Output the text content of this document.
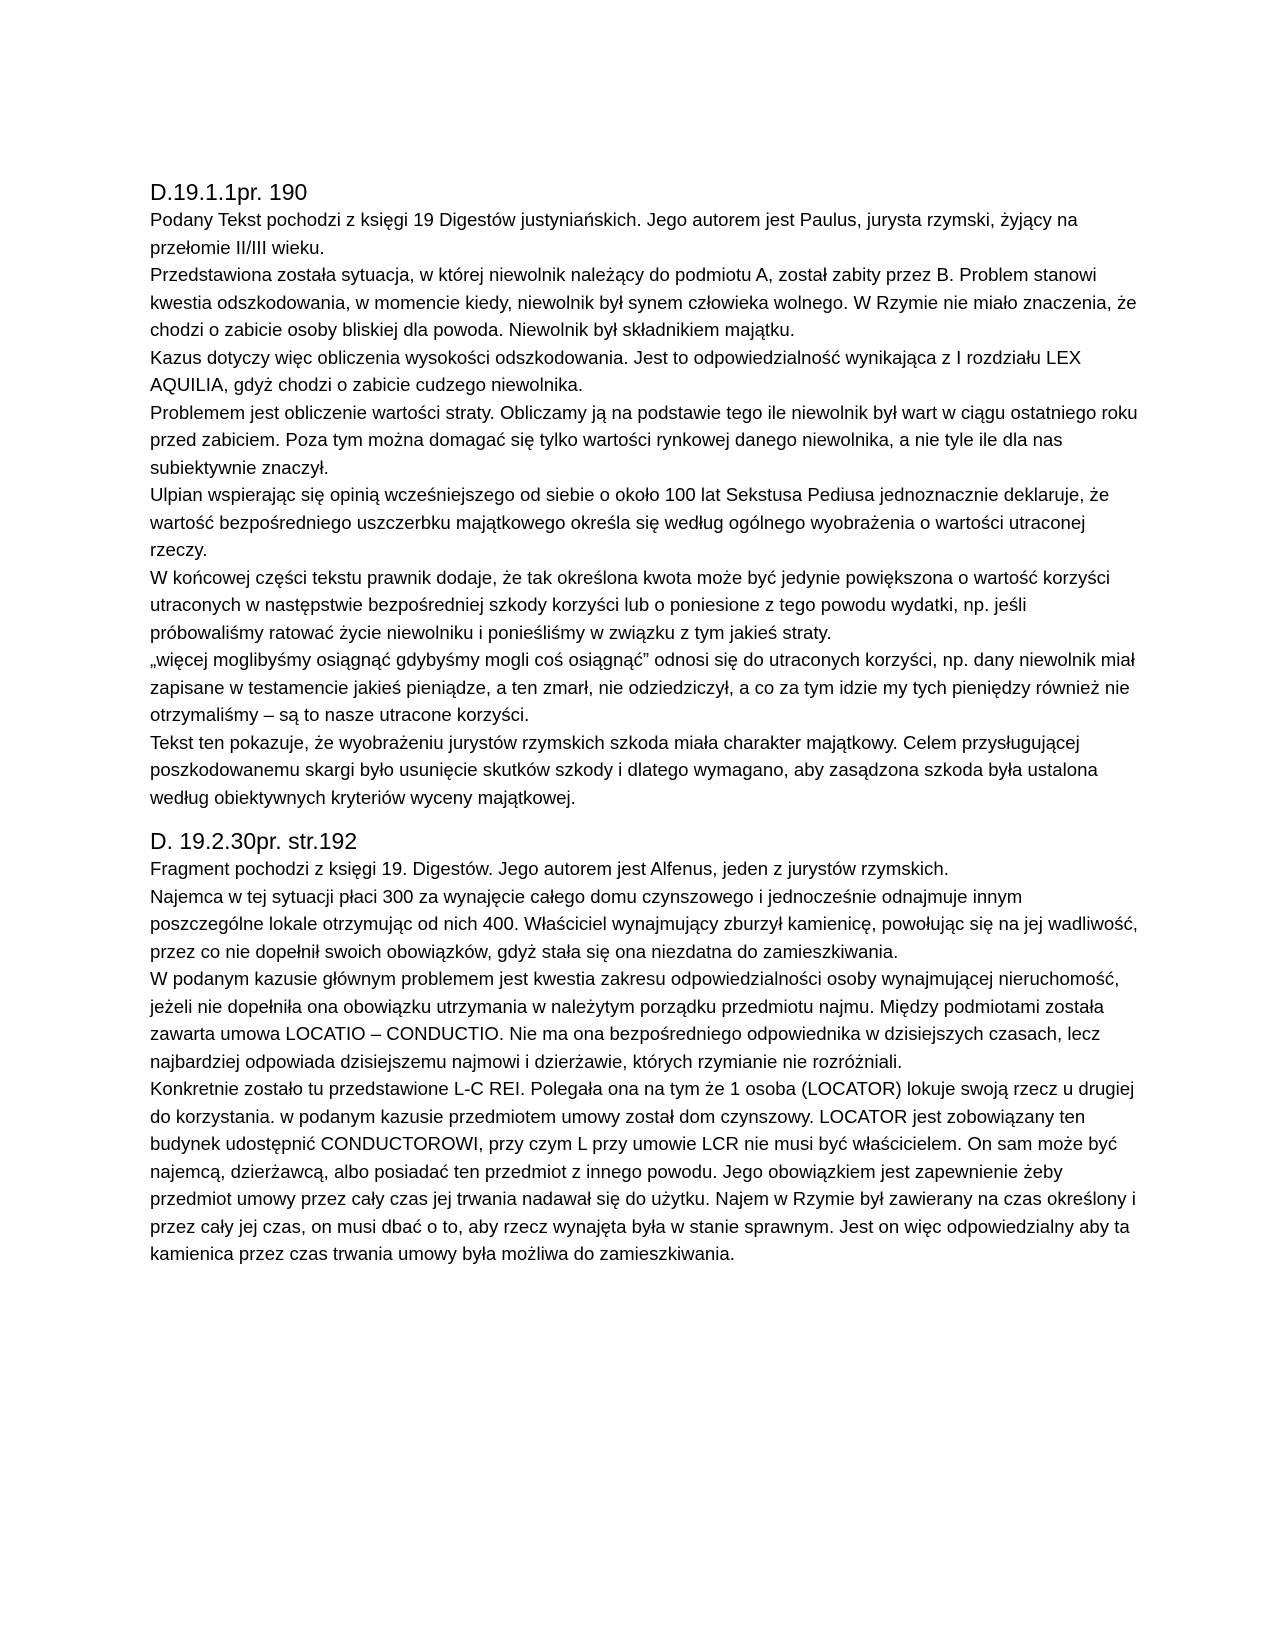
D.19.1.1pr. 190

Podany Tekst pochodzi z księgi 19 Digestów justyniańskich. Jego autorem jest Paulus, jurysta rzymski, żyjący na przełomie II/III wieku.

Przedstawiona została sytuacja, w której niewolnik należący do podmiotu A, został zabity przez B. Problem stanowi kwestia odszkodowania, w momencie kiedy, niewolnik był synem człowieka wolnego. W Rzymie nie miało znaczenia, że chodzi o zabicie osoby bliskiej dla powoda. Niewolnik był składnikiem majątku.

Kazus dotyczy więc obliczenia wysokości odszkodowania. Jest to odpowiedzialność wynikająca z I rozdziału LEX AQUILIA, gdyż chodzi o zabicie cudzego niewolnika.

Problemem jest obliczenie wartości straty. Obliczamy ją na podstawie tego ile niewolnik był wart w ciągu ostatniego roku przed zabiciem. Poza tym można domagać się tylko wartości rynkowej danego niewolnika, a nie tyle ile dla nas subiektywnie znaczył.

Ulpian wspierając się opinią wcześniejszego od siebie o około 100 lat Sekstusa Pediusa jednoznacznie deklaruje, że wartość bezpośredniego uszczerbku majątkowego określa się według ogólnego wyobrażenia o wartości utraconej rzeczy.

W końcowej części tekstu prawnik dodaje, że tak określona kwota może być jedynie powiększona o wartość korzyści utraconych w następstwie bezpośredniej szkody korzyści lub o poniesione z tego powodu wydatki, np. jeśli próbowaliśmy ratować życie niewolniku i ponieśliśmy w związku z tym jakieś straty.

„więcej moglibyśmy osiągnąć gdybyśmy mogli coś osiągnąć” odnosi się do utraconych korzyści, np. dany niewolnik miał zapisane w testamencie jakieś pieniądze, a ten zmarł, nie odziedziczył, a co za tym idzie my tych pieniędzy również nie otrzymaliśmy – są to nasze utracone korzyści.

Tekst ten pokazuje, że wyobrażeniu jurystów rzymskich szkoda miała charakter majątkowy. Celem przysługującej poszkodowanemu skargi było usunięcie skutków szkody i dlatego wymagano, aby zasądzona szkoda była ustalona według obiektywnych kryteriów wyceny majątkowej.

D. 19.2.30pr. str.192

Fragment pochodzi z księgi 19. Digestów. Jego autorem jest Alfenus, jeden z jurystów rzymskich.

Najemca w tej sytuacji płaci 300 za wynajęcie całego domu czynszowego i jednocześnie odnajmuje innym poszczególne lokale otrzymując od nich 400. Właściciel wynajmujący zburzył kamienicę, powołując się na jej wadliwość, przez co nie dopełnił swoich obowiązków, gdyż stała się ona niezdatna do zamieszkiwania.

W podanym kazusie głównym problemem jest kwestia zakresu odpowiedzialności osoby wynajmującej nieruchomość, jeżeli nie dopełniła ona obowiązku utrzymania w należytym porządku przedmiotu najmu. Między podmiotami została zawarta umowa LOCATIO – CONDUCTIO. Nie ma ona bezpośredniego odpowiednika w dzisiejszych czasach, lecz najbardziej odpowiada dzisiejszemu najmowi i dzierżawie, których rzymianie nie rozróżniali.

Konkretnie zostało tu przedstawione L-C REI. Polegała ona na tym że 1 osoba (LOCATOR) lokuje swoją rzecz u drugiej do korzystania. w podanym kazusie przedmiotem umowy został dom czynszowy. LOCATOR jest zobowiązany ten budynek udostępnić CONDUCTOROWI, przy czym L przy umowie LCR nie musi być właścicielem. On sam może być najemcą, dzierżawcą, albo posiadać ten przedmiot z innego powodu. Jego obowiązkiem jest zapewnienie żeby przedmiot umowy przez cały czas jej trwania nadawał się do użytku. Najem w Rzymie był zawierany na czas określony i przez cały jej czas, on musi dbać o to, aby rzecz wynajęta była w stanie sprawnym. Jest on więc odpowiedzialny aby ta kamienica przez czas trwania umowy była możliwa do zamieszkiwania.
